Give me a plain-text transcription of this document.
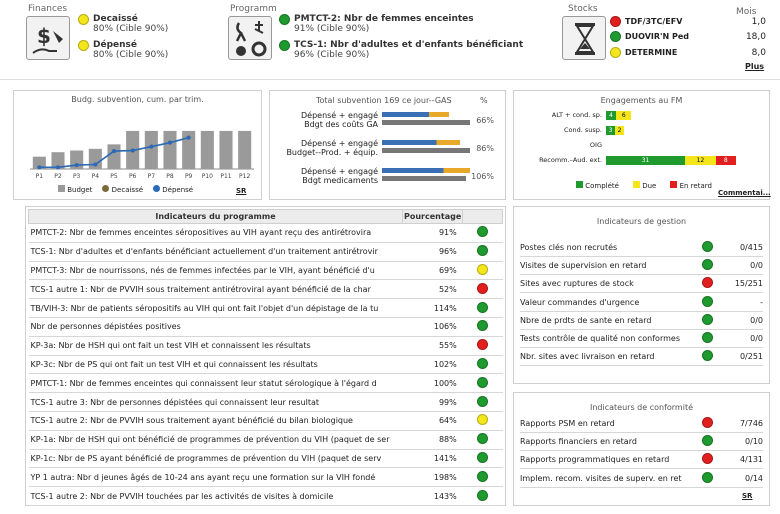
Finances
$
Decaissé
80% (Cible 90%)
Dépensé
80% (Cible 90%)
Programm
PMTCT-2: Nbr de femmes enceintes
91% (Cible 90%)
TCS-1: Nbr d'adultes et d'enfants bénéficiant
96% (Cible 90%)
Stocks	Mois
TDF/3TC/EFV	1,0
DUOVIR'N Ped	18,0
DETERMINE	8,0
Plus
Budg. subvention, cum. par trim.
P1 P2 P3 P4 P5 P6 P7 P8 P9 P10 P11 P12
Budget	Decaissé	Dépensé	SR
Total subvention 169 ce jour--GAS	%
Dépensé + engagé
Bdgt des coûts GA	66%
Dépensé + engagé
Budget--Prod. + équip.	86%
Dépensé + engagé
Bdgt medicaments	106%
Engagements au FM
Complété	Due	En retard
Commentai...
ALT + cond. sp.	4	6
Cond. susp.	3 2
OIG
Recomm.–Aud. ext.	31	12	8
Indicateurs du programme	Pourcentage	
PMTCT-2: Nbr de femmes enceintes séropositives au VIH ayant reçu des antirétrovira	91%	
TCS-1: Nbr d'adultes et d'enfants bénéficiant actuellement d'un traitement antirétrovir	96%	
PMTCT-3: Nbr de nourrissons, nés de femmes infectées par le VIH, ayant bénéficié d'u	69%	
TCS-1 autre 1: Nbr de PVVIH sous traitement antirétroviral ayant bénéficié de la char	52%	
TB/VIH-3: Nbr de patients séropositifs au VIH qui ont fait l'objet d'un dépistage de la tu	114%	
Nbr de personnes dépistées positives	106%	
KP-3a: Nbr de HSH qui ont fait un test VIH et connaissent les résultats	55%	
KP-3c: Nbr de PS qui ont fait un test VIH et qui connaissent les résultats	102%	
PMTCT-1: Nbr de femmes enceintes qui connaissent leur statut sérologique à l'égard d	100%	
TCS-1 autre 3: Nbr de personnes dépistées qui connaissent leur resultat	99%	
TCS-1 autre 2: Nbr de PVVIH sous traitement ayant bénéficié du bilan biologique	64%	
KP-1a: Nbr de HSH qui ont bénéficié de programmes de prévention du VIH (paquet de ser	88%	
KP-1c: Nbr de PS ayant bénéficié de programmes de prévention du VIH (paquet de serv	141%	
YP 1 autra: Nbr d jeunes âgés de 10-24 ans ayant reçu une formation sur la VIH fondé	198%	
TCS-1 autre 2: Nbr de PVVIH touchées par les activités de visites à domicile	143%	
Indicateurs de gestion
Postes clés non recrutés	0/415
Visites de supervision en retard	0/0
Sites avec ruptures de stock	15/251
Valeur commandes d'urgence	-
Nbre de prdts de sante en retard	0/0
Tests contrôle de qualité non conformes	0/0
Nbr. sites avec livraison en retard	0/251
Indicateurs de conformité
SR
Rapports PSM en retard	7/746
Rapports financiers en retard	0/10
Rapports programmatiques en retard	4/131
Implem. recom. visites de superv. en ret	0/14
